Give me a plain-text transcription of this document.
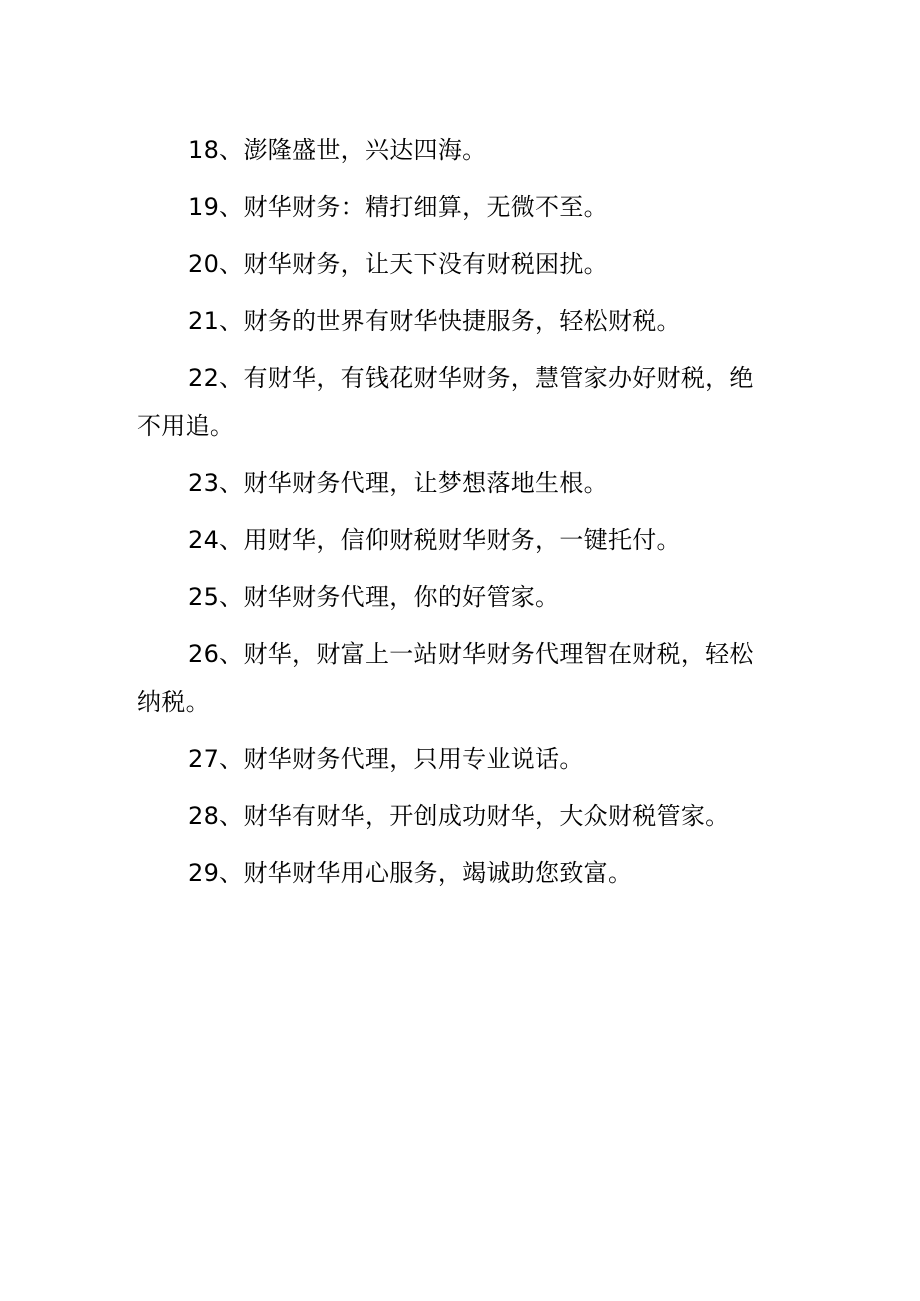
18、澎隆盛世，兴达四海。

19、财华财务：精打细算，无微不至。

20、财华财务，让天下没有财税困扰。

21、财务的世界有财华快捷服务，轻松财税。

22、有财华，有钱花财华财务，慧管家办好财税，绝不用追。

23、财华财务代理，让梦想落地生根。

24、用财华，信仰财税财华财务，一键托付。

25、财华财务代理，你的好管家。

26、财华，财富上一站财华财务代理智在财税，轻松纳税。

27、财华财务代理，只用专业说话。

28、财华有财华，开创成功财华，大众财税管家。

29、财华财华用心服务，竭诚助您致富。
